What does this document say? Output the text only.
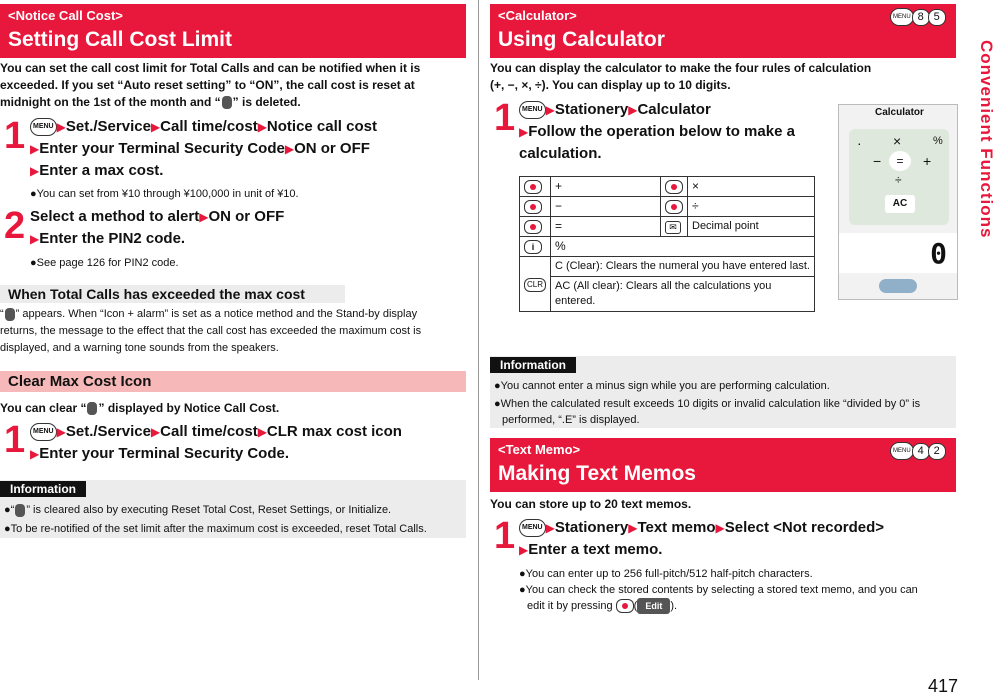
<Notice Call Cost>
Setting Call Cost Limit
You can set the call cost limit for Total Calls and can be notified when it is
exceeded. If you set “Auto reset setting” to “ON”, the call cost is reset at
midnight on the 1st of the month and “ ” is deleted.
1	MENU ▶Set./Service▶Call time/cost▶Notice call cost
▶Enter your Terminal Security Code▶ON or OFF
▶Enter a max cost.
●You can set from ¥10 through ¥100,000 in unit of ¥10.
2 Select a method to alert▶ON or OFF
▶Enter the PIN2 code.
●See page 126 for PIN2 code.
When Total Calls has exceeded the max cost
“ ” appears. When “Icon + alarm” is set as a notice method and the Stand-by display
returns, the message to the effect that the call cost has exceeded the maximum cost is
displayed, and a warning tone sounds from the speakers.
Clear Max Cost Icon
You can clear “ ” displayed by Notice Call Cost.
1	MENU ▶Set./Service▶Call time/cost▶CLR max cost icon
▶Enter your Terminal Security Code.
Information
●“ ” is cleared also by executing Reset Total Cost, Reset Settings, or Initialize.
●To be re-notified of the set limit after the maximum cost is exceeded, reset Total Calls.
<Calculator>
Using Calculator
MENU 8 5
You can display the calculator to make the four rules of calculation
(+, −, ×, ÷). You can display up to 10 digits.
1 MENU ▶Stationery▶Calculator
▶Follow the operation below to make a calculation.
Calculator
· ×	%
−	=	+
÷
AC
0
	+		×
	−		÷
	=	✉	Decimal point
i	%		
CLR	C (Clear): Clears the numeral you have entered last.		
	AC (All clear): Clears all the calculations you entered.		
Information
●You cannot enter a minus sign while you are performing calculation.
●When the calculated result exceeds 10 digits or invalid calculation like “divided by 0” is
performed, “.E” is displayed.
<Text Memo>
Making Text Memos
MENU 4 2
You can store up to 20 text memos.
1 MENU ▶Stationery▶Text memo▶Select <Not recorded>
▶Enter a text memo.
●You can enter up to 256 full-pitch/512 half-pitch characters.
●You can check the stored contents by selecting a stored text memo, and you can
edit it by pressing ( Edit ).
Convenient Functions
417
